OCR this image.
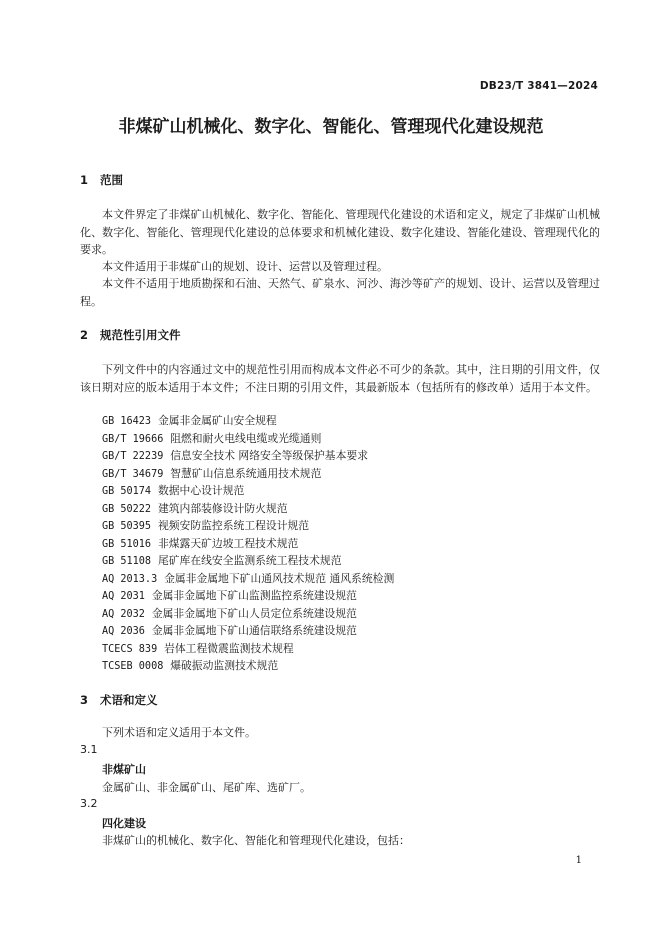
DB23/T 3841—2024
非煤矿山机械化、数字化、智能化、管理现代化建设规范
1 范围
本文件界定了非煤矿山机械化、数字化、智能化、管理现代化建设的术语和定义，规定了非煤矿山机械化、数字化、智能化、管理现代化建设的总体要求和机械化建设、数字化建设、智能化建设、管理现代化的要求。
本文件适用于非煤矿山的规划、设计、运营以及管理过程。
本文件不适用于地质勘探和石油、天然气、矿泉水、河沙、海沙等矿产的规划、设计、运营以及管理过程。
2 规范性引用文件
下列文件中的内容通过文中的规范性引用而构成本文件必不可少的条款。其中，注日期的引用文件，仅该日期对应的版本适用于本文件；不注日期的引用文件，其最新版本（包括所有的修改单）适用于本文件。
GB 16423 金属非金属矿山安全规程
GB/T 19666 阻燃和耐火电线电缆或光缆通则
GB/T 22239 信息安全技术 网络安全等级保护基本要求
GB/T 34679 智慧矿山信息系统通用技术规范
GB 50174 数据中心设计规范
GB 50222 建筑内部装修设计防火规范
GB 50395 视频安防监控系统工程设计规范
GB 51016 非煤露天矿边坡工程技术规范
GB 51108 尾矿库在线安全监测系统工程技术规范
AQ 2013.3 金属非金属地下矿山通风技术规范 通风系统检测
AQ 2031 金属非金属地下矿山监测监控系统建设规范
AQ 2032 金属非金属地下矿山人员定位系统建设规范
AQ 2036 金属非金属地下矿山通信联络系统建设规范
TCECS 839 岩体工程微震监测技术规程
TCSEB 0008 爆破振动监测技术规范
3 术语和定义
下列术语和定义适用于本文件。
3.1
非煤矿山
金属矿山、非金属矿山、尾矿库、选矿厂。
3.2
四化建设
非煤矿山的机械化、数字化、智能化和管理现代化建设，包括：
1
